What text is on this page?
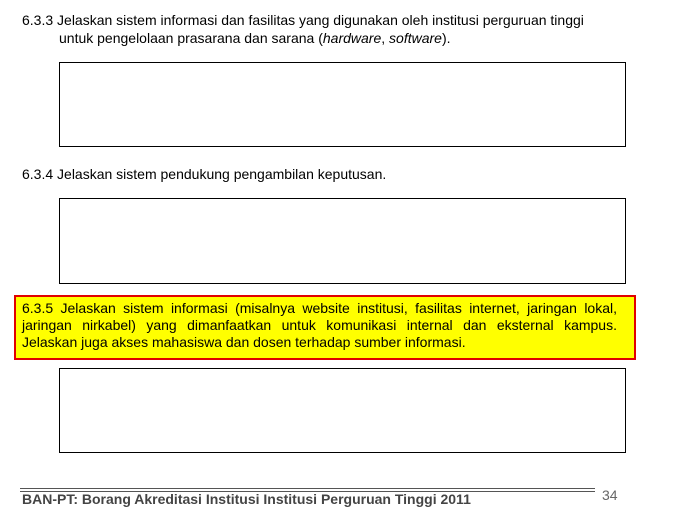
6.3.3 Jelaskan sistem informasi dan fasilitas yang digunakan oleh institusi perguruan tinggi
untuk pengelolaan prasarana dan sarana (hardware, software).
6.3.4 Jelaskan sistem pendukung pengambilan keputusan.
6.3.5 Jelaskan sistem informasi (misalnya website institusi, fasilitas internet, jaringan lokal, jaringan nirkabel) yang dimanfaatkan untuk komunikasi internal dan eksternal kampus. Jelaskan juga akses mahasiswa dan dosen terhadap sumber informasi.
BAN-PT: Borang Akreditasi Institusi Institusi Perguruan Tinggi 2011	34
